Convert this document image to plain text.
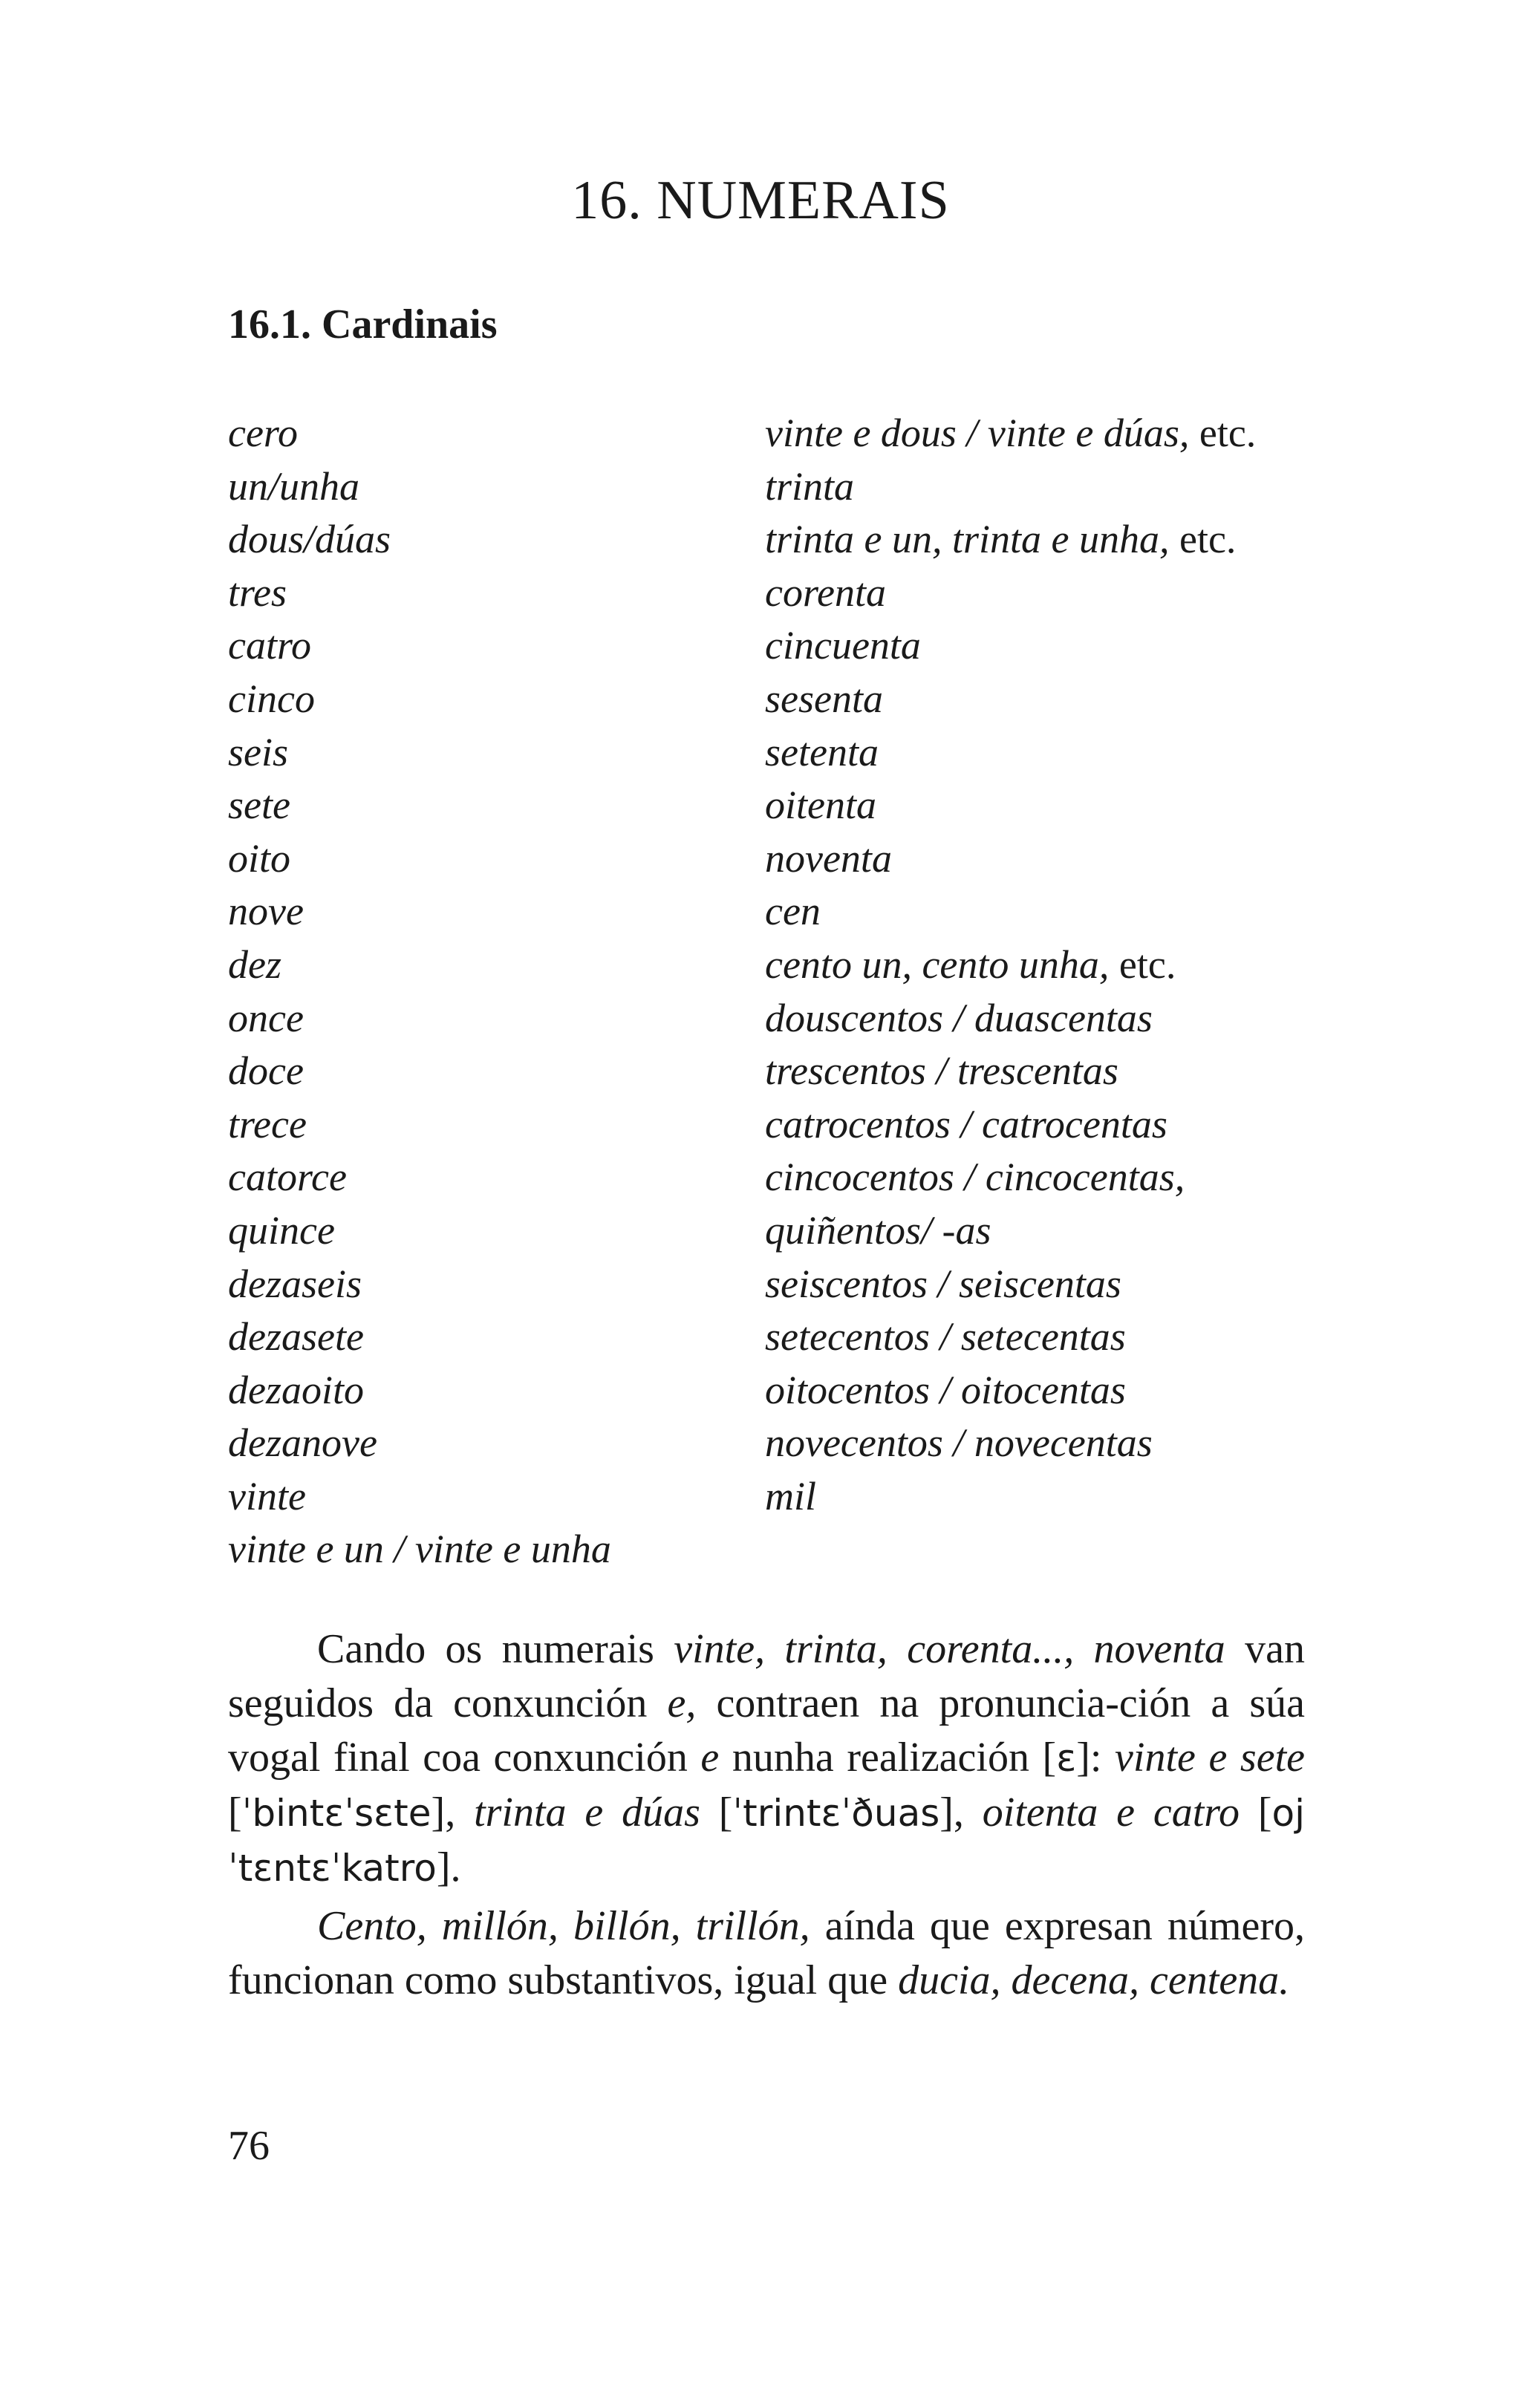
16. NUMERAIS
16.1. Cardinais
cero
un/unha
dous/dúas
tres
catro
cinco
seis
sete
oito
nove
dez
once
doce
trece
catorce
quince
dezaseis
dezasete
dezaoito
dezanove
vinte
vinte e un / vinte e unha
vinte e dous / vinte e dúas, etc.
trinta
trinta e un, trinta e unha, etc.
corenta
cincuenta
sesenta
setenta
oitenta
noventa
cen
cento un, cento unha, etc.
douscentos / duascentas
trescentos / trescentas
catrocentos / catrocentas
cincocentos / cincocentas,
quiñentos/ -as
seiscentos / seiscentas
setecentos / setecentas
oitocentos / oitocentas
novecentos / novecentas
mil

Cando os numerais vinte, trinta, corenta..., noventa van seguidos da conxunción e, contraen na pronuncia-ción a súa vogal final coa conxunción e nunha realización [ɛ]: vinte e sete [ˈbintɛˈsɛte], trinta e dúas [ˈtrintɛˈðuas], oitenta e catro [ojˈtɛntɛˈkatro].

Cento, millón, billón, trillón, aínda que expresan número, funcionan como substantivos, igual que ducia, decena, centena.

76
